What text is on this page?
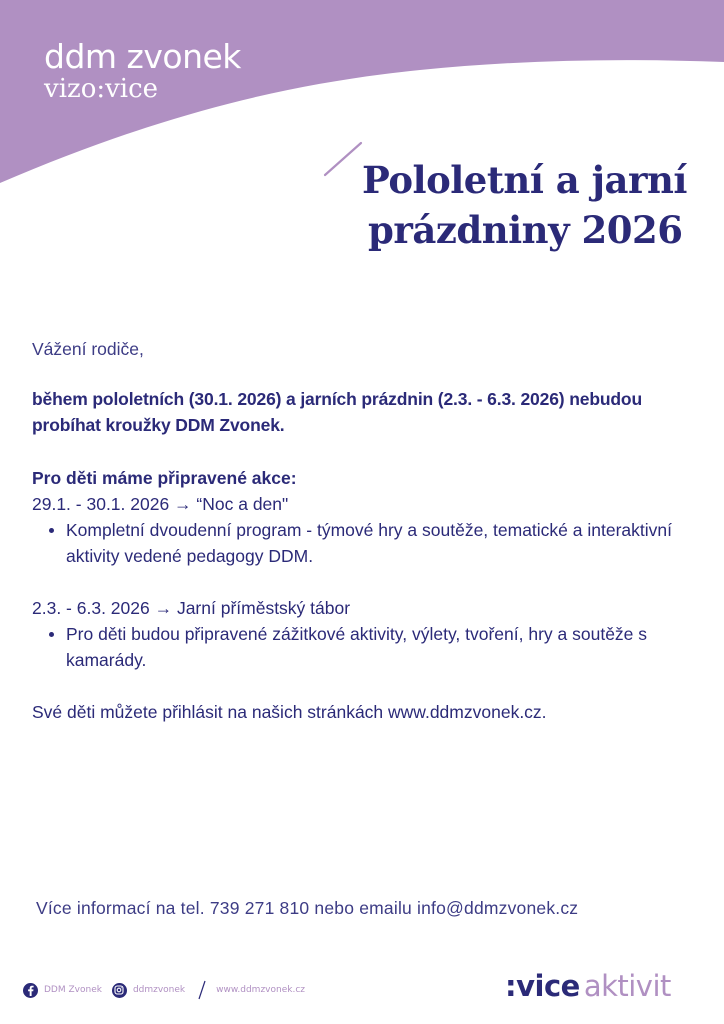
ddm zvonek
vizo:vice
Pololetní a jarní
prázdniny 2026

Vážení rodiče,

během pololetních (30.1. 2026) a jarních prázdnin (2.3. - 6.3. 2026) nebudou probíhat kroužky DDM Zvonek.

Pro děti máme připravené akce:

29.1. - 30.1. 2026 → “Noc a den"

Kompletní dvoudenní program - týmové hry a soutěže, tematické a interaktivní aktivity vedené pedagogy DDM.

2.3. - 6.3. 2026 → Jarní příměstský tábor

Pro děti budou připravené zážitkové aktivity, výlety, tvoření, hry a soutěže s kamarády.

Své děti můžete přihlásit na našich stránkách www.ddmzvonek.cz.

Více informací na tel. 739 271 810 nebo emailu info@ddmzvonek.cz
DDM Zvonek	ddmzvonek	www.ddmzvonek.cz	:vice aktivit
